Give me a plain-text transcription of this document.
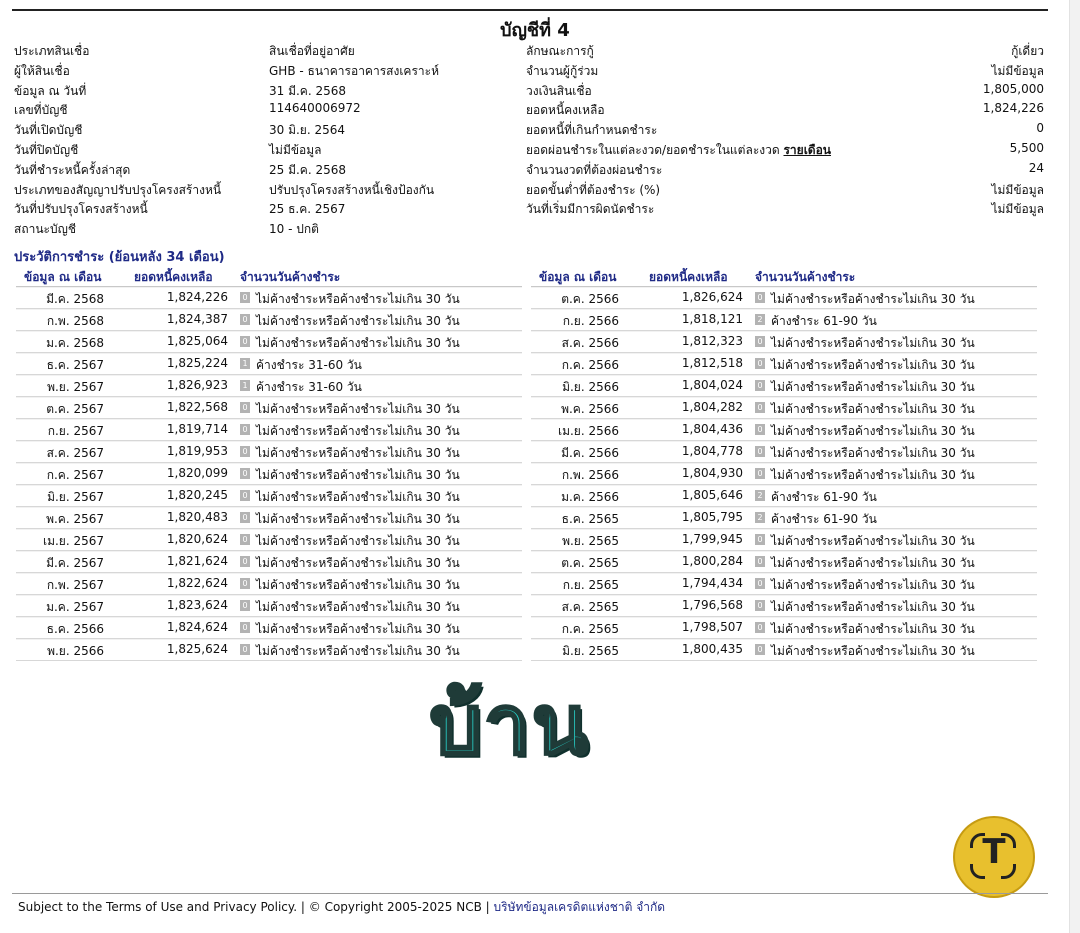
บัญชีที่ 4
ประเภทสินเชื่อ	สินเชื่อที่อยู่อาศัย	ลักษณะการกู้	กู้เดี่ยว
ผู้ให้สินเชื่อ	GHB - ธนาคารอาคารสงเคราะห์	จำนวนผู้กู้ร่วม	ไม่มีข้อมูล
ข้อมูล ณ วันที่	31 มี.ค. 2568	วงเงินสินเชื่อ	1,805,000
เลขที่บัญชี	114640006972	ยอดหนี้คงเหลือ	1,824,226
วันที่เปิดบัญชี	30 มิ.ย. 2564	ยอดหนี้ที่เกินกำหนดชำระ	0
วันที่ปิดบัญชี	ไม่มีข้อมูล	ยอดผ่อนชำระในแต่ละงวด/ยอดชำระในแต่ละงวด รายเดือน	5,500
วันที่ชำระหนี้ครั้งล่าสุด	25 มี.ค. 2568	จำนวนงวดที่ต้องผ่อนชำระ	24
ประเภทของสัญญาปรับปรุงโครงสร้างหนี้	ปรับปรุงโครงสร้างหนี้เชิงป้องกัน	ยอดขั้นต่ำที่ต้องชำระ (%)	ไม่มีข้อมูล
วันที่ปรับปรุงโครงสร้างหนี้	25 ธ.ค. 2567	วันที่เริ่มมีการผิดนัดชำระ	ไม่มีข้อมูล
สถานะบัญชี	10 - ปกติ
ประวัติการชำระ (ย้อนหลัง 34 เดือน)
ข้อมูล ณ เดือน	ยอดหนี้คงเหลือ จำนวนวันค้างชำระ
มี.ค. 2568	1,824,226	0 ไม่ค้างชำระหรือค้างชำระไม่เกิน 30 วัน
ก.พ. 2568	1,824,387	0 ไม่ค้างชำระหรือค้างชำระไม่เกิน 30 วัน
ม.ค. 2568	1,825,064	0 ไม่ค้างชำระหรือค้างชำระไม่เกิน 30 วัน
ธ.ค. 2567	1,825,224	1 ค้างชำระ 31-60 วัน
พ.ย. 2567	1,826,923	1 ค้างชำระ 31-60 วัน
ต.ค. 2567	1,822,568	0 ไม่ค้างชำระหรือค้างชำระไม่เกิน 30 วัน
ก.ย. 2567	1,819,714	0 ไม่ค้างชำระหรือค้างชำระไม่เกิน 30 วัน
ส.ค. 2567	1,819,953	0 ไม่ค้างชำระหรือค้างชำระไม่เกิน 30 วัน
ก.ค. 2567	1,820,099	0 ไม่ค้างชำระหรือค้างชำระไม่เกิน 30 วัน
มิ.ย. 2567	1,820,245	0 ไม่ค้างชำระหรือค้างชำระไม่เกิน 30 วัน
พ.ค. 2567	1,820,483	0 ไม่ค้างชำระหรือค้างชำระไม่เกิน 30 วัน
เม.ย. 2567	1,820,624	0 ไม่ค้างชำระหรือค้างชำระไม่เกิน 30 วัน
มี.ค. 2567	1,821,624	0 ไม่ค้างชำระหรือค้างชำระไม่เกิน 30 วัน
ก.พ. 2567	1,822,624	0 ไม่ค้างชำระหรือค้างชำระไม่เกิน 30 วัน
ม.ค. 2567	1,823,624	0 ไม่ค้างชำระหรือค้างชำระไม่เกิน 30 วัน
ธ.ค. 2566	1,824,624	0 ไม่ค้างชำระหรือค้างชำระไม่เกิน 30 วัน
พ.ย. 2566	1,825,624	0 ไม่ค้างชำระหรือค้างชำระไม่เกิน 30 วัน
ข้อมูล ณ เดือน	ยอดหนี้คงเหลือ จำนวนวันค้างชำระ
ต.ค. 2566	1,826,624	0 ไม่ค้างชำระหรือค้างชำระไม่เกิน 30 วัน
ก.ย. 2566	1,818,121	2 ค้างชำระ 61-90 วัน
ส.ค. 2566	1,812,323	0 ไม่ค้างชำระหรือค้างชำระไม่เกิน 30 วัน
ก.ค. 2566	1,812,518	0 ไม่ค้างชำระหรือค้างชำระไม่เกิน 30 วัน
มิ.ย. 2566	1,804,024	0 ไม่ค้างชำระหรือค้างชำระไม่เกิน 30 วัน
พ.ค. 2566	1,804,282	0 ไม่ค้างชำระหรือค้างชำระไม่เกิน 30 วัน
เม.ย. 2566	1,804,436	0 ไม่ค้างชำระหรือค้างชำระไม่เกิน 30 วัน
มี.ค. 2566	1,804,778	0 ไม่ค้างชำระหรือค้างชำระไม่เกิน 30 วัน
ก.พ. 2566	1,804,930	0 ไม่ค้างชำระหรือค้างชำระไม่เกิน 30 วัน
ม.ค. 2566	1,805,646	2 ค้างชำระ 61-90 วัน
ธ.ค. 2565	1,805,795	2 ค้างชำระ 61-90 วัน
พ.ย. 2565	1,799,945	0 ไม่ค้างชำระหรือค้างชำระไม่เกิน 30 วัน
ต.ค. 2565	1,800,284	0 ไม่ค้างชำระหรือค้างชำระไม่เกิน 30 วัน
ก.ย. 2565	1,794,434	0 ไม่ค้างชำระหรือค้างชำระไม่เกิน 30 วัน
ส.ค. 2565	1,796,568	0 ไม่ค้างชำระหรือค้างชำระไม่เกิน 30 วัน
ก.ค. 2565	1,798,507	0 ไม่ค้างชำระหรือค้างชำระไม่เกิน 30 วัน
มิ.ย. 2565	1,800,435	0 ไม่ค้างชำระหรือค้างชำระไม่เกิน 30 วัน
บ้าน
T
Subject to the Terms of Use and Privacy Policy. | © Copyright 2005-2025 NCB | บริษัทข้อมูลเครดิตแห่งชาติ จำกัด
